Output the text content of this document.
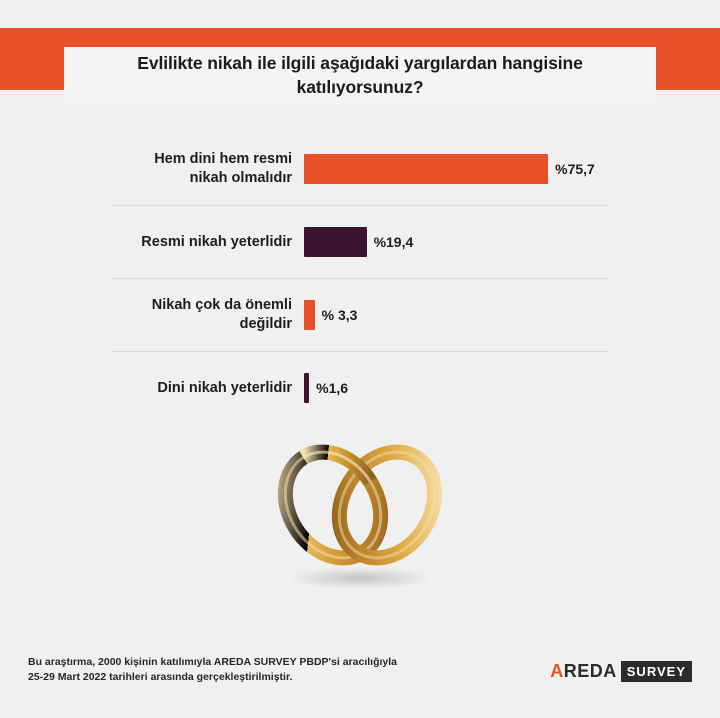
Evlilikte nikah ile ilgili aşağıdaki yargılardan hangisine katılıyorsunuz?
Hem dini hem resmi
nikah olmalıdır
%75,7
Resmi nikah yeterlidir	%19,4
Nikah çok da önemli
değildir
% 3,3
Dini nikah yeterlidir %1,6
Bu araştırma, 2000 kişinin katılımıyla AREDA SURVEY PBDP'si aracılığıyla
25-29 Mart 2022 tarihleri arasında gerçekleştirilmiştir.	AREDA SURVEY
